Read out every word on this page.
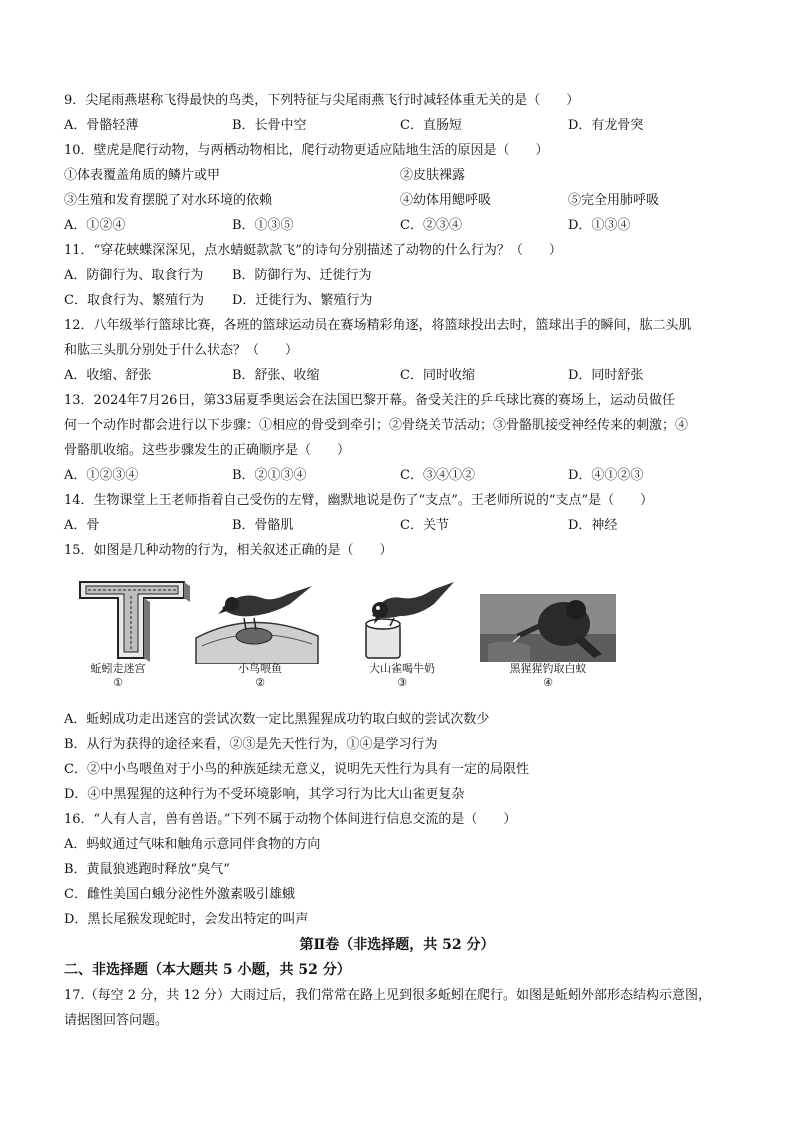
9．尖尾雨燕堪称飞得最快的鸟类，下列特征与尖尾雨燕飞行时减轻体重无关的是（　　）
A．骨骼轻薄	B．长骨中空	C．直肠短	D．有龙骨突
10．壁虎是爬行动物，与两栖动物相比，爬行动物更适应陆地生活的原因是（　　）
①体表覆盖角质的鳞片或甲	②皮肤裸露
③生殖和发育摆脱了对水环境的依赖	④幼体用鳃呼吸	⑤完全用肺呼吸
A．①②④	B．①③⑤	C．②③④	D．①③④
11．“穿花蛱蝶深深见，点水蜻蜓款款飞”的诗句分别描述了动物的什么行为？（　　）
A．防御行为、取食行为 B．防御行为、迁徙行为
C．取食行为、繁殖行为 D．迁徙行为、繁殖行为
12．八年级举行篮球比赛，各班的篮球运动员在赛场精彩角逐，将篮球投出去时，篮球出手的瞬间，肱二头肌
和肱三头肌分别处于什么状态？（　　）
A．收缩、舒张	B．舒张、收缩	C．同时收缩	D．同时舒张
13．2024年7月26日，第33届夏季奥运会在法国巴黎开幕。备受关注的乒乓球比赛的赛场上，运动员做任
何一个动作时都会进行以下步骤：①相应的骨受到牵引；②骨绕关节活动；③骨骼肌接受神经传来的刺激；④
骨骼肌收缩。这些步骤发生的正确顺序是（　　）
A．①②③④	B．②①③④	C．③④①②	D．④①②③
14．生物课堂上王老师指着自己受伤的左臂，幽默地说是伤了“支点”。王老师所说的“支点”是（　　）
A．骨	B．骨骼肌	C．关节	D．神经
15．如图是几种动物的行为，相关叙述正确的是（　　）
蚯蚓走迷宫
①
小鸟喂鱼
②
大山雀喝牛奶
③
黑猩猩钓取白蚁
④
A．蚯蚓成功走出迷宫的尝试次数一定比黑猩猩成功钓取白蚁的尝试次数少
B．从行为获得的途径来看，②③是先天性行为，①④是学习行为
C．②中小鸟喂鱼对于小鸟的种族延续无意义，说明先天性行为具有一定的局限性
D．④中黑猩猩的这种行为不受环境影响，其学习行为比大山雀更复杂
16．“人有人言，兽有兽语。”下列不属于动物个体间进行信息交流的是（　　）
A．蚂蚁通过气味和触角示意同伴食物的方向
B．黄鼠狼逃跑时释放“臭气”
C．雌性美国白蛾分泌性外激素吸引雄蛾
D．黑长尾猴发现蛇时，会发出特定的叫声
第Ⅱ卷（非选择题，共 52 分）
二、非选择题（本大题共 5 小题，共 52 分）
17.（每空 2 分，共 12 分）大雨过后，我们常常在路上见到很多蚯蚓在爬行。如图是蚯蚓外部形态结构示意图，
请据图回答问题。
